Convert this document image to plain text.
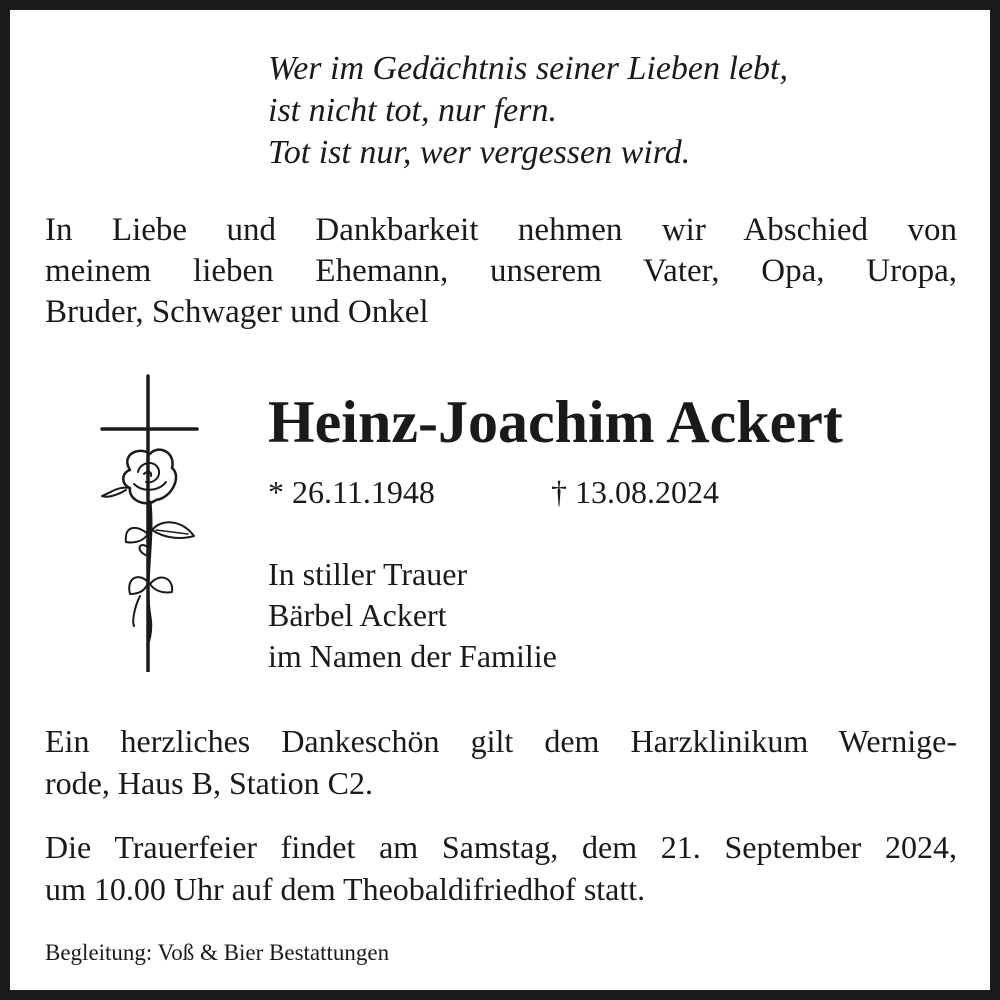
Wer im Gedächtnis seiner Lieben lebt,
ist nicht tot, nur fern.
Tot ist nur, wer vergessen wird.
In Liebe und Dankbarkeit nehmen wir Abschied von
meinem lieben Ehemann, unserem Vater, Opa, Uropa,
Bruder, Schwager und Onkel
Heinz-Joachim Ackert
* 26.11.1948	† 13.08.2024
In stiller Trauer
Bärbel Ackert
im Namen der Familie
Ein herzliches Dankeschön gilt dem Harzklinikum Wernige-
rode, Haus B, Station C2.
Die Trauerfeier findet am Samstag, dem 21. September 2024,
um 10.00 Uhr auf dem Theobaldifriedhof statt.
Begleitung: Voß & Bier Bestattungen
